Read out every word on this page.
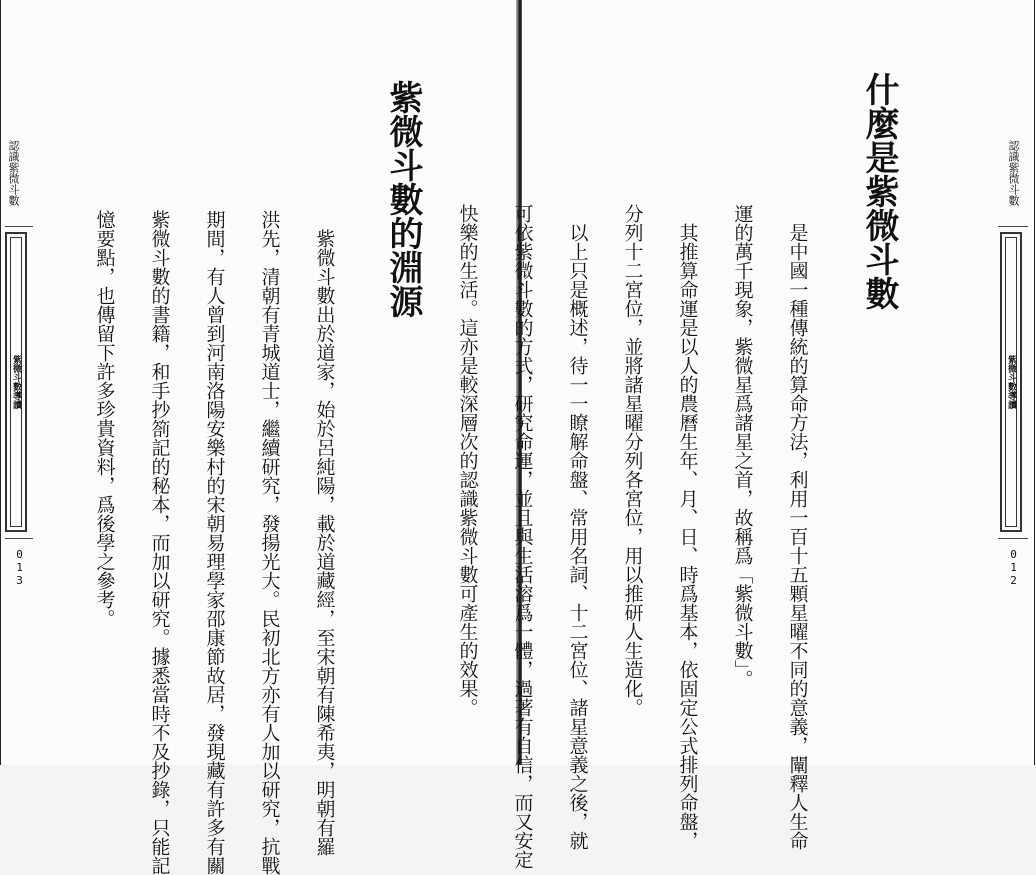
認識紫微斗數
紫微斗數導讀
013
紫微斗數的淵源

　紫微斗數出於道家，始於呂純陽，載於道藏經，至宋朝有陳希夷，明朝有羅

洪先，清朝有青城道士，繼續研究，發揚光大。民初北方亦有人加以研究，抗戰

期間，有人曾到河南洛陽安樂村的宋朝易理學家邵康節故居，發現藏有許多有關

紫微斗數的書籍，和手抄箚記的秘本，而加以研究。據悉當時不及抄錄，只能記

憶要點，也傳留下許多珍貴資料，爲後學之參考。

什麼是紫微斗數

　是中國一種傳統的算命方法，利用一百十五顆星曜不同的意義，闡釋人生命

運的萬千現象，紫微星爲諸星之首，故稱爲「紫微斗數」。

　其推算命運是以人的農曆生年、月、日、時爲基本，依固定公式排列命盤，

分列十二宮位，並將諸星曜分列各宮位，用以推研人生造化。

　以上只是概述，待一一瞭解命盤、常用名詞、十二宮位、諸星意義之後，就

可依紫微斗數的方式，研究命運，並且與生活溶爲一體，過著有自信，而又安定

快樂的生活。這亦是較深層次的認識紫微斗數可產生的效果。

認識紫微斗數
紫微斗數導讀
012
